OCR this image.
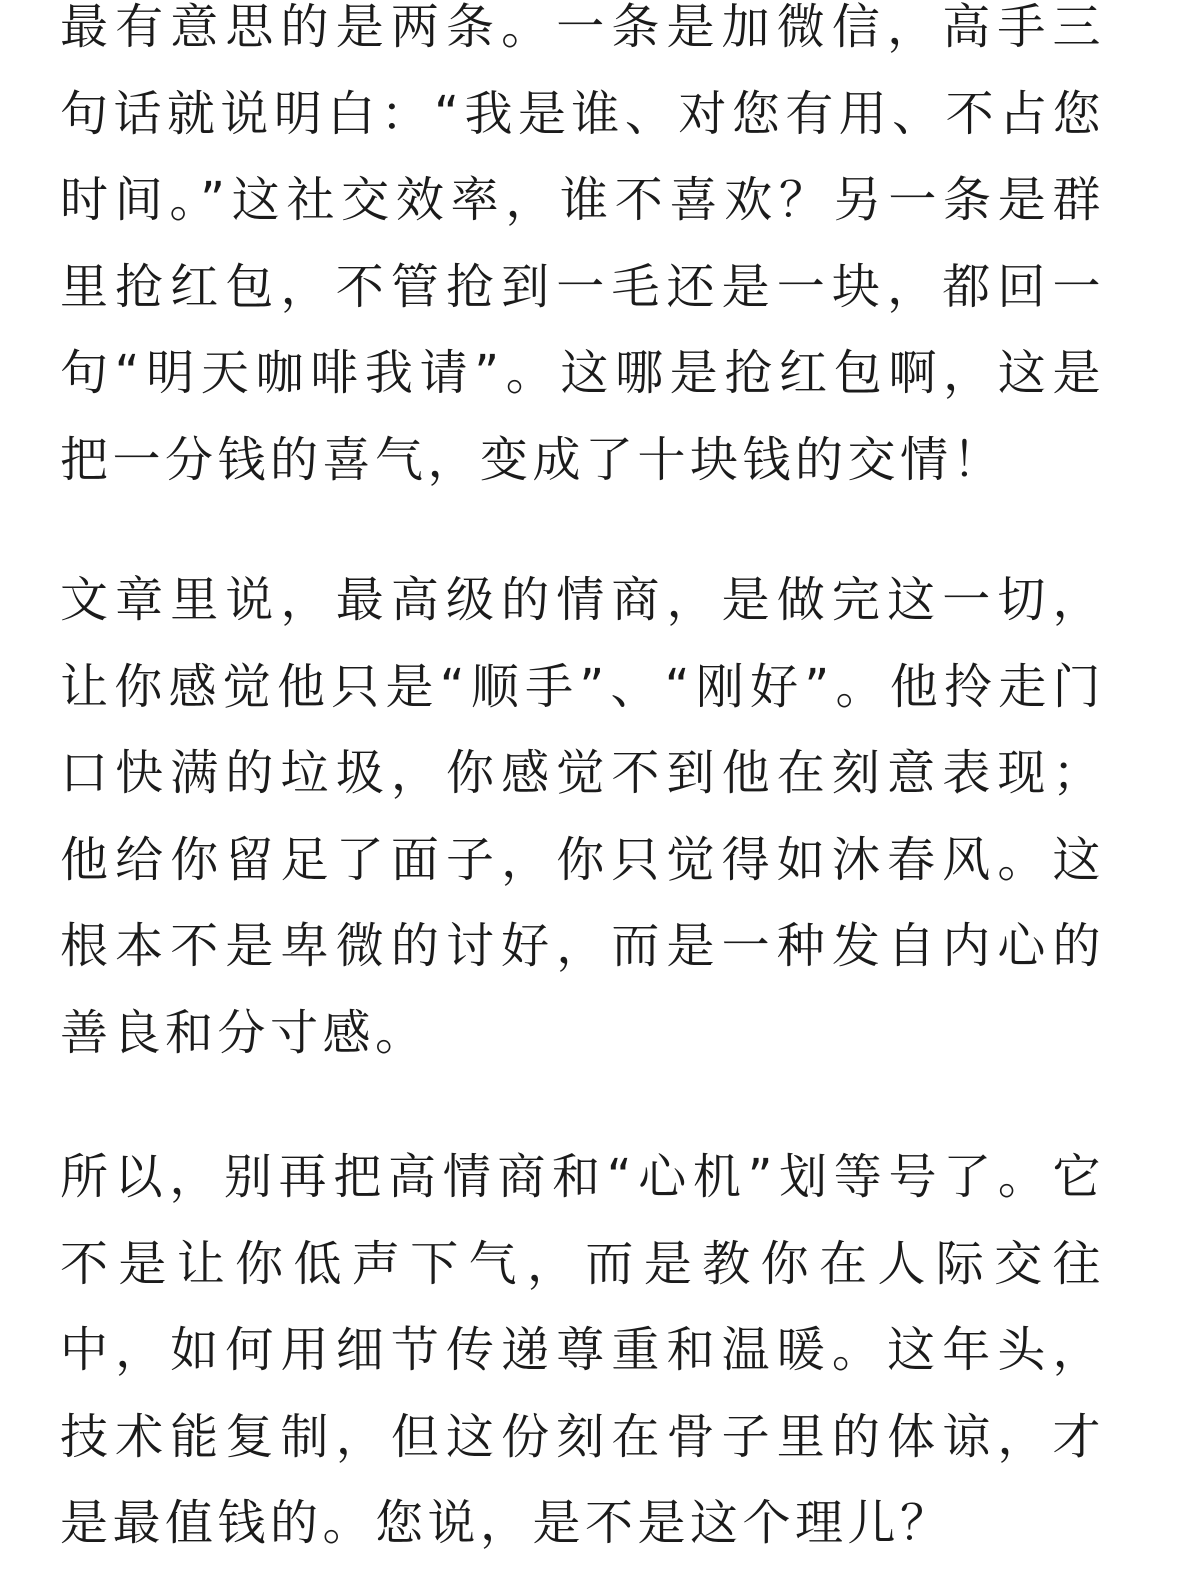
最有意思的是两条。一条是加微信，高手三句话就说明白：“我是谁、对您有用、不占您时间。”这社交效率，谁不喜欢？另一条是群里抢红包，不管抢到一毛还是一块，都回一句“明天咖啡我请”。这哪是抢红包啊，这是把一分钱的喜气，变成了十块钱的交情！

文章里说，最高级的情商，是做完这一切，让你感觉他只是“顺手”、“刚好”。他拎走门口快满的垃圾，你感觉不到他在刻意表现；他给你留足了面子，你只觉得如沐春风。这根本不是卑微的讨好，而是一种发自内心的善良和分寸感。

所以，别再把高情商和“心机”划等号了。它不是让你低声下气，而是教你在人际交往中，如何用细节传递尊重和温暖。这年头，技术能复制，但这份刻在骨子里的体谅，才是最值钱的。您说，是不是这个理儿？
